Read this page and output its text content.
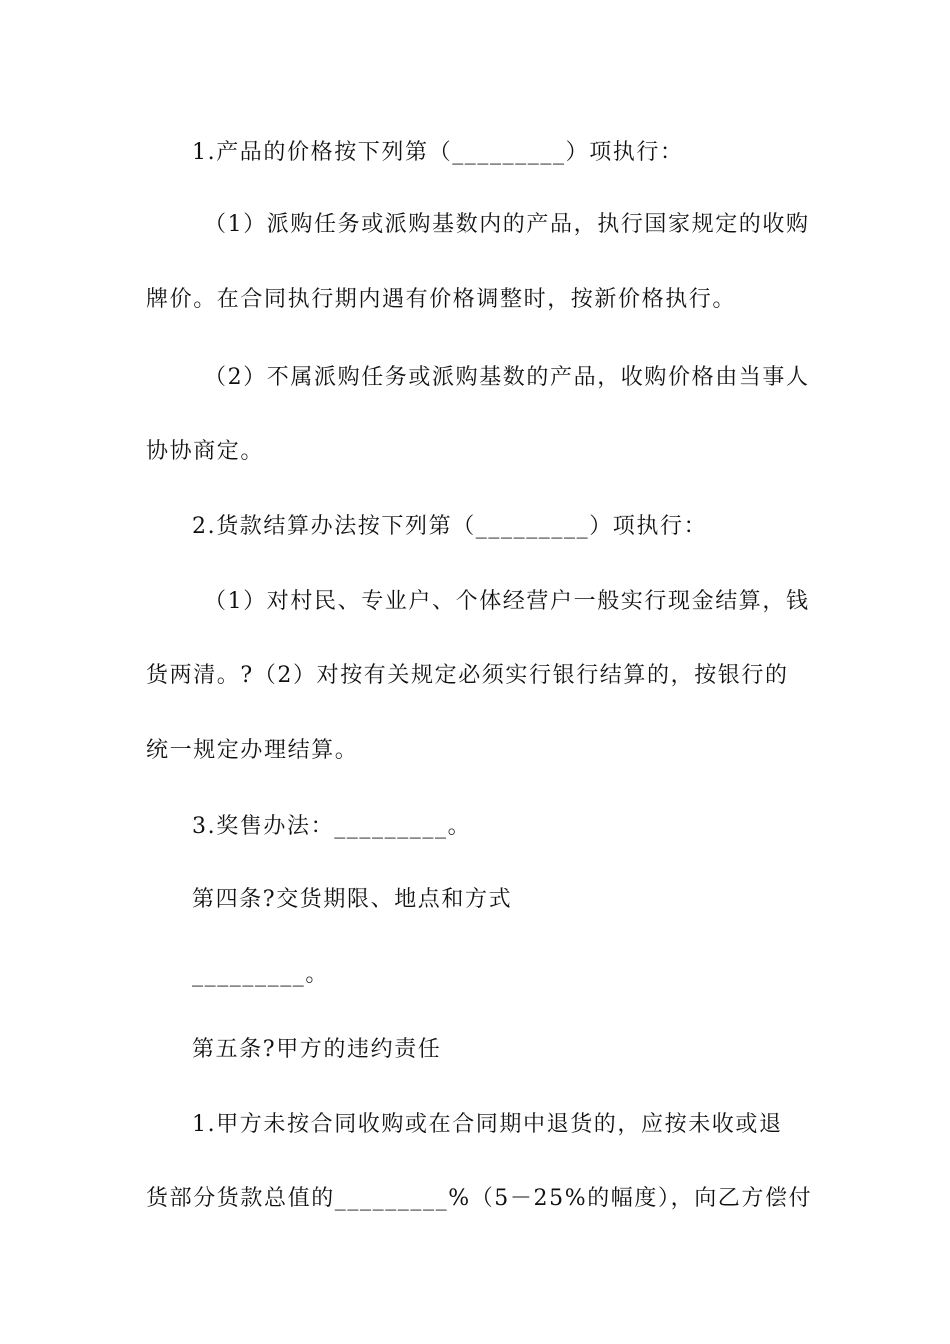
1.产品的价格按下列第（_________）项执行：
（1）派购任务或派购基数内的产品，执行国家规定的收购
牌价。在合同执行期内遇有价格调整时，按新价格执行。
（2）不属派购任务或派购基数的产品，收购价格由当事人
协协商定。
2.货款结算办法按下列第（_________）项执行：
（1）对村民、专业户、个体经营户一般实行现金结算，钱
货两清。?（2）对按有关规定必须实行银行结算的，按银行的
统一规定办理结算。
3.奖售办法：_________。
第四条?交货期限、地点和方式
_________。
第五条?甲方的违约责任
1.甲方未按合同收购或在合同期中退货的，应按未收或退
货部分货款总值的_________%（5－25%的幅度），向乙方偿付
